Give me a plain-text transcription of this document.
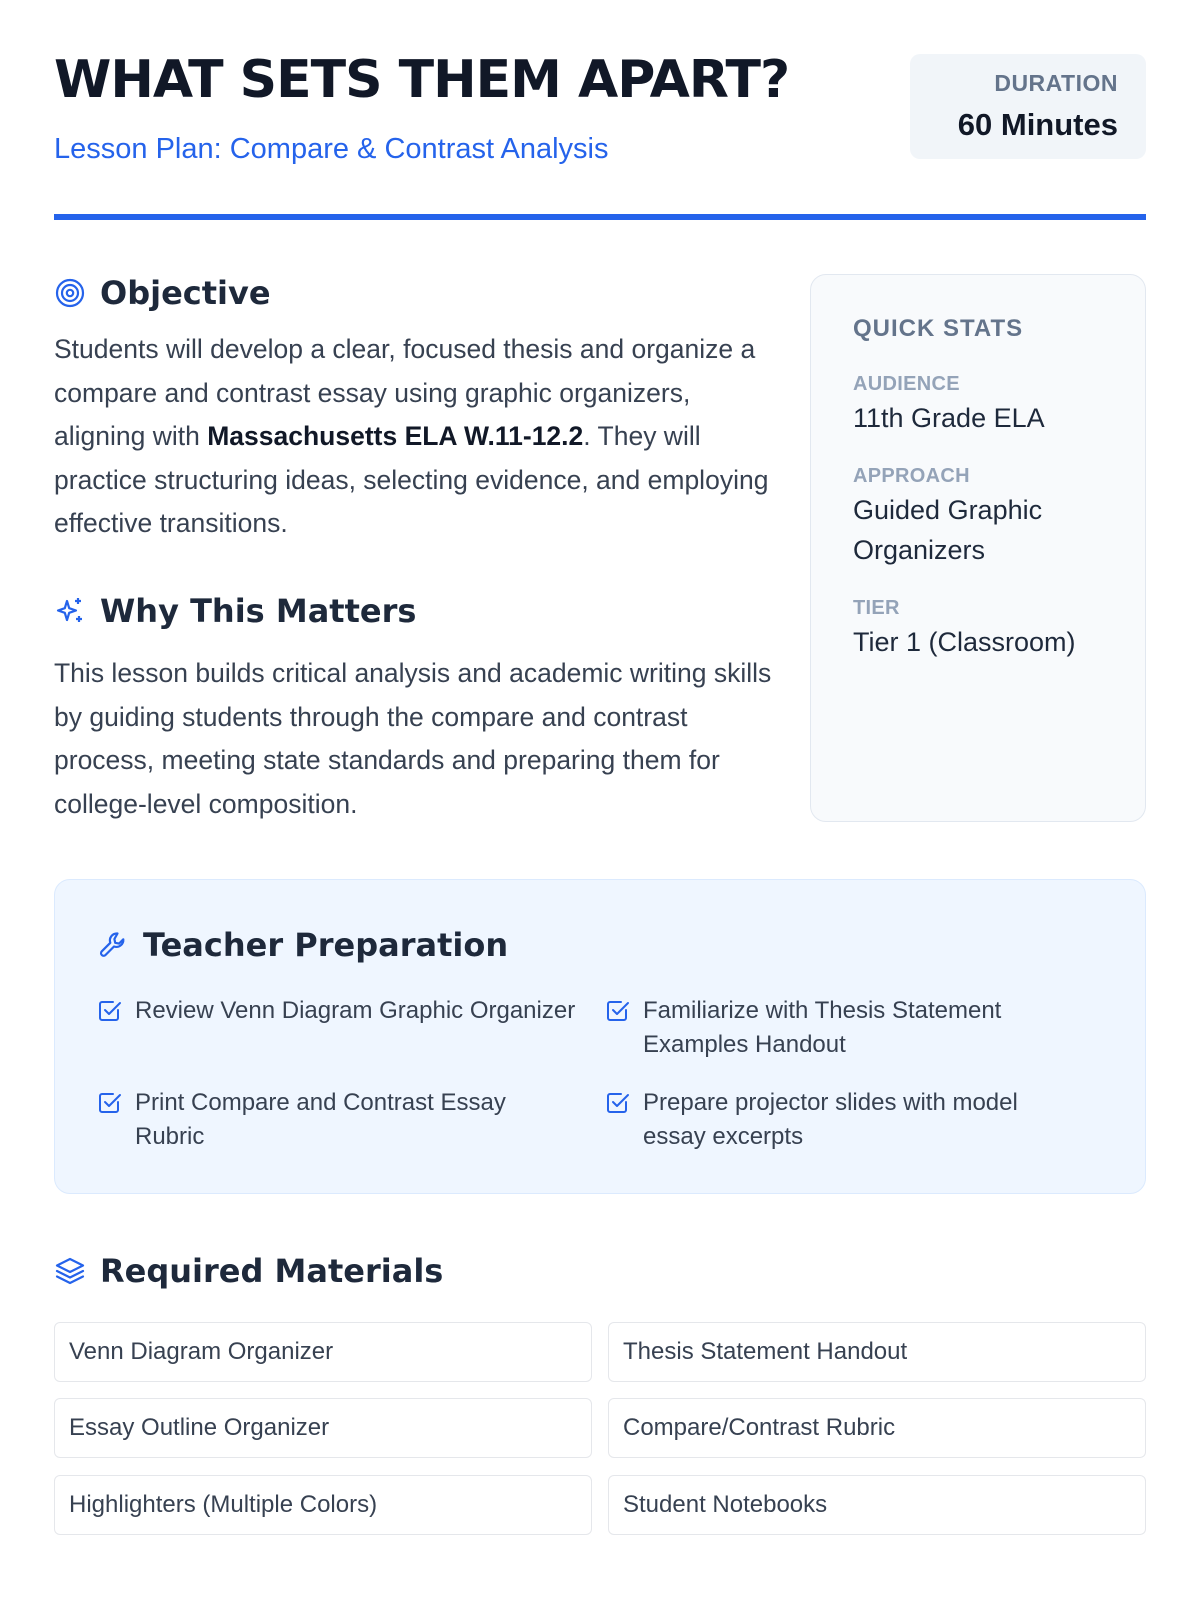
WHAT SETS THEM APART?
Lesson Plan: Compare & Contrast Analysis
DURATION
60 Minutes
Objective

Students will develop a clear, focused thesis and organize a compare and contrast essay using graphic organizers, aligning with Massachusetts ELA W.11-12.2. They will practice structuring ideas, selecting evidence, and employing effective transitions.

Why This Matters

This lesson builds critical analysis and academic writing skills by guiding students through the compare and contrast process, meeting state standards and preparing them for college-level composition.

QUICK STATS
AUDIENCE
11th Grade ELA
APPROACH
Guided Graphic Organizers
TIER
Tier 1 (Classroom)
Teacher Preparation
Review Venn Diagram Graphic Organizer	Familiarize with Thesis Statement Examples Handout
Print Compare and Contrast Essay Rubric
Prepare projector slides with model essay excerpts
Required Materials
Venn Diagram Organizer	Thesis Statement Handout
Essay Outline Organizer	Compare/Contrast Rubric
Highlighters (Multiple Colors)	Student Notebooks
